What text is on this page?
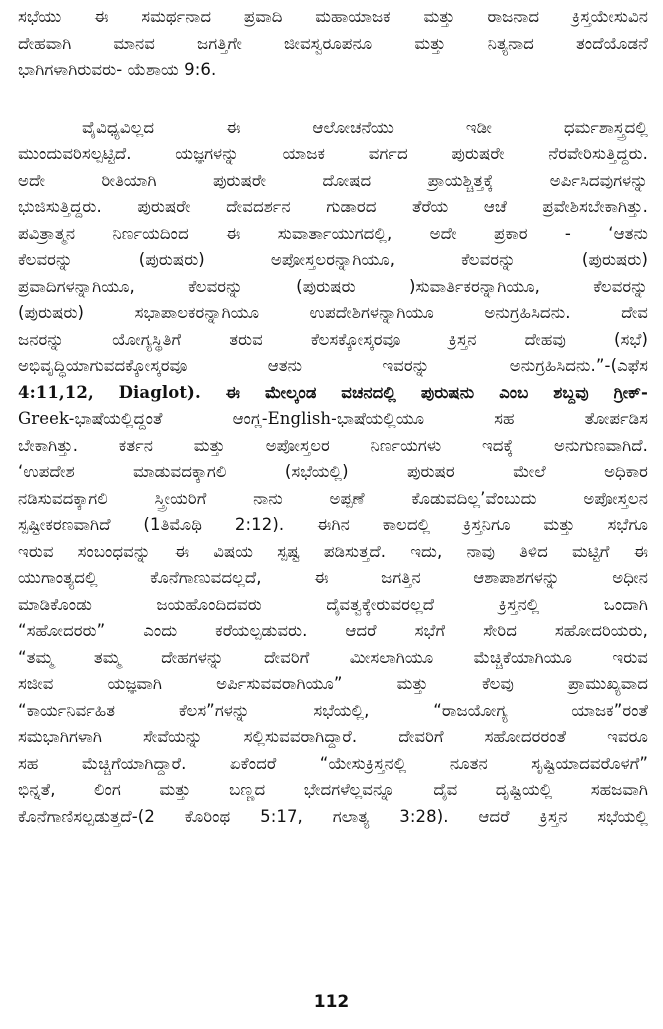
ಸಭೆಯು ಈ ಸಮರ್ಥನಾದ ಪ್ರವಾದಿ ಮಹಾಯಾಜಕ ಮತ್ತು ರಾಜನಾದ ಕ್ರಿಸ್ತಯೇಸುವಿನ
ದೇಹವಾಗಿ ಮಾನವ ಜಗತ್ತಿಗೇ ಜೀವಸ್ವರೂಪನೂ ಮತ್ತು ನಿತ್ಯನಾದ ತಂದೆಯೊಡನೆ
ಭಾಗಿಗಳಾಗಿರುವರು- ಯೆಶಾಯ 9:6.
ವೈವಿಧ್ಯವಿಲ್ಲದ ಈ ಆಲೋಚನೆಯು ಇಡೀ ಧರ್ಮಶಾಸ್ತ್ರದಲ್ಲಿ
ಮುಂದುವರಿಸಲ್ಪಟ್ಟಿದೆ. ಯಜ್ಞಗಳನ್ನು ಯಾಜಕ ವರ್ಗದ ಪುರುಷರೇ ನೆರವೇರಿಸುತ್ತಿದ್ದರು.
ಅದೇ ರೀತಿಯಾಗಿ ಪುರುಷರೇ ದೋಷದ ಪ್ರಾಯಶ್ಚಿತ್ತಕ್ಕೆ ಅರ್ಪಿಸಿದವುಗಳನ್ನು
ಭುಜಿಸುತ್ತಿದ್ದರು. ಪುರುಷರೇ ದೇವದರ್ಶನ ಗುಡಾರದ ತೆರೆಯ ಆಚೆ ಪ್ರವೇಶಿಸಬೇಕಾಗಿತ್ತು.
ಪವಿತ್ರಾತ್ಮನ ನಿರ್ಣಯದಿಂದ ಈ ಸುವಾರ್ತಾಯುಗದಲ್ಲಿ, ಅದೇ ಪ್ರಕಾರ - ‘ಆತನು
ಕೆಲವರನ್ನು (ಪುರುಷರು) ಅಪೋಸ್ತಲರನ್ನಾಗಿಯೂ, ಕೆಲವರನ್ನು (ಪುರುಷರು)
ಪ್ರವಾದಿಗಳನ್ನಾಗಿಯೂ, ಕೆಲವರನ್ನು (ಪುರುಷರು )ಸುವಾರ್ತಿಕರನ್ನಾಗಿಯೂ, ಕೆಲವರನ್ನು
(ಪುರುಷರು) ಸಭಾಪಾಲಕರನ್ನಾಗಿಯೂ ಉಪದೇಶಿಗಳನ್ನಾಗಿಯೂ ಅನುಗ್ರಹಿಸಿದನು. ದೇವ
ಜನರನ್ನು ಯೋಗ್ಯಸ್ಥಿತಿಗೆ ತರುವ ಕೆಲಸಕ್ಕೋಸ್ಕರವೂ ಕ್ರಿಸ್ತನ ದೇಹವು (ಸಭೆ)
ಅಭಿವೃದ್ಧಿಯಾಗುವದಕ್ಕೋಸ್ಕರವೂ ಆತನು ಇವರನ್ನು ಅನುಗ್ರಹಿಸಿದನು.”-(ಎಫೆಸ
4:11,12, Diaglot). ಈ ಮೇಲ್ಕಂಡ ವಚನದಲ್ಲಿ ಪುರುಷನು ಎಂಬ ಶಬ್ದವು ಗ್ರೀಕ್-
Greek-ಭಾಷೆಯಲ್ಲಿದ್ದಂತೆ ಆಂಗ್ಲ-English-ಭಾಷೆಯಲ್ಲಿಯೂ ಸಹ ತೋರ್ಪಡಿಸ
ಬೇಕಾಗಿತ್ತು. ಕರ್ತನ ಮತ್ತು ಅಪೋಸ್ತಲರ ನಿರ್ಣಯಗಳು ಇದಕ್ಕೆ ಅನುಗುಣವಾಗಿದೆ.
‘ಉಪದೇಶ ಮಾಡುವದಕ್ಕಾಗಲಿ (ಸಭೆಯಲ್ಲಿ) ಪುರುಷರ ಮೇಲೆ ಅಧಿಕಾರ
ನಡಿಸುವದಕ್ಕಾಗಲಿ ಸ್ತ್ರೀಯರಿಗೆ ನಾನು ಅಪ್ಪಣೆ ಕೊಡುವದಿಲ್ಲ’ವೆಂಬುದು ಅಪೋಸ್ತಲನ
ಸ್ಪಷ್ಟೀಕರಣವಾಗಿದೆ (1ತಿಮೊಥಿ 2:12). ಈಗಿನ ಕಾಲದಲ್ಲಿ ಕ್ರಿಸ್ತನಿಗೂ ಮತ್ತು ಸಭೆಗೂ
ಇರುವ ಸಂಬಂಧವನ್ನು ಈ ವಿಷಯ ಸ್ಪಷ್ಟ ಪಡಿಸುತ್ತದೆ. ಇದು, ನಾವು ತಿಳಿದ ಮಟ್ಟಿಗೆ ಈ
ಯುಗಾಂತ್ಯದಲ್ಲಿ ಕೊನೆಗಾಣುವದಲ್ಲದೆ, ಈ ಜಗತ್ತಿನ ಆಶಾಪಾಶಗಳನ್ನು ಅಧೀನ
ಮಾಡಿಕೊಂಡು ಜಯಹೊಂದಿದವರು ದೈವತ್ವಕ್ಕೇರುವರಲ್ಲದೆ ಕ್ರಿಸ್ತನಲ್ಲಿ ಒಂದಾಗಿ
“ಸಹೋದರರು” ಎಂದು ಕರೆಯಲ್ಪಡುವರು. ಆದರೆ ಸಭೆಗೆ ಸೇರಿದ ಸಹೋದರಿಯರು,
“ತಮ್ಮ ತಮ್ಮ ದೇಹಗಳನ್ನು ದೇವರಿಗೆ ಮೀಸಲಾಗಿಯೂ ಮೆಚ್ಚಿಕೆಯಾಗಿಯೂ ಇರುವ
ಸಜೀವ ಯಜ್ಞವಾಗಿ ಅರ್ಪಿಸುವವರಾಗಿಯೂ” ಮತ್ತು ಕೆಲವು ಪ್ರಾಮುಖ್ಯವಾದ
“ಕಾರ್ಯನಿರ್ವಹಿತ ಕೆಲಸ”ಗಳನ್ನು ಸಭೆಯಲ್ಲಿ, “ರಾಜಯೋಗ್ಯ ಯಾಜಕ”ರಂತೆ
ಸಮಭಾಗಿಗಳಾಗಿ ಸೇವೆಯನ್ನು ಸಲ್ಲಿಸುವವರಾಗಿದ್ದಾರೆ. ದೇವರಿಗೆ ಸಹೋದರರಂತೆ ಇವರೂ
ಸಹ ಮೆಚ್ಚಿಗೆಯಾಗಿದ್ದಾರೆ. ಏಕೆಂದರೆ “ಯೇಸುಕ್ರಿಸ್ತನಲ್ಲಿ ನೂತನ ಸೃಷ್ಟಿಯಾದವರೊಳಗೆ”
ಭಿನ್ನತೆ, ಲಿಂಗ ಮತ್ತು ಬಣ್ಣದ ಭೇದಗಳೆಲ್ಲವನ್ನೂ ದೈವ ದೃಷ್ಟಿಯಲ್ಲಿ ಸಹಜವಾಗಿ
ಕೊನೆಗಾಣಿಸಲ್ಪಡುತ್ತದೆ-(2 ಕೊರಿಂಥ 5:17, ಗಲಾತ್ಯ 3:28). ಆದರೆ ಕ್ರಿಸ್ತನ ಸಭೆಯಲ್ಲಿ
112
